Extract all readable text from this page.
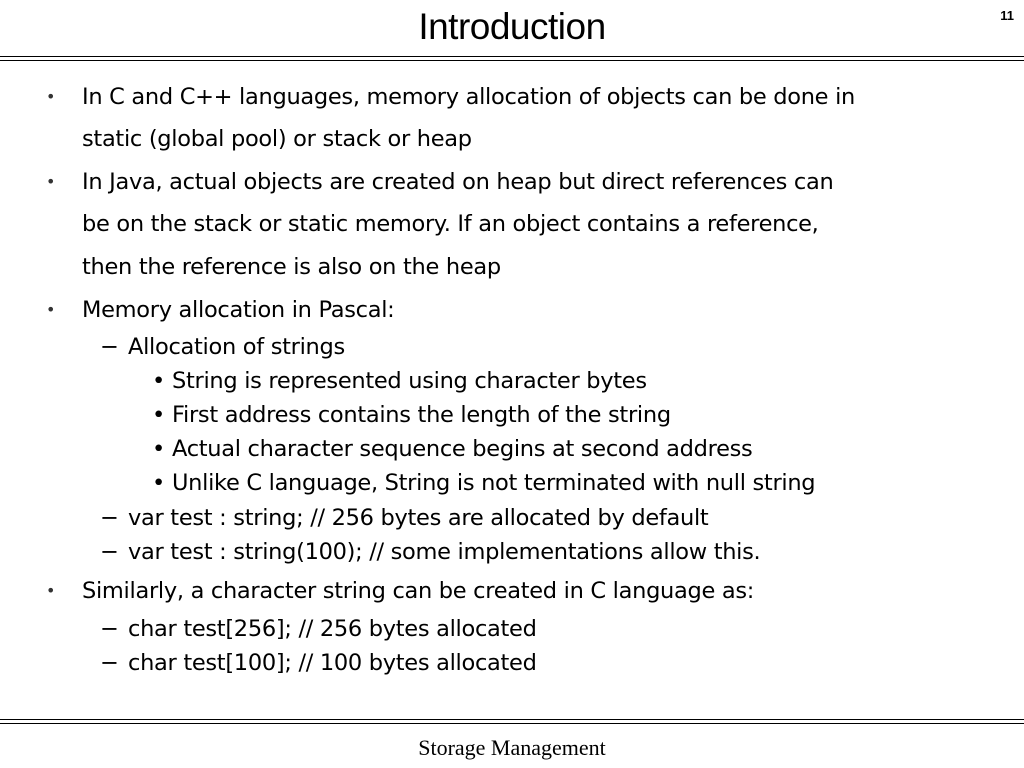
Introduction	11
• In C and C++ languages, memory allocation of objects can be done in
static (global pool) or stack or heap
• In Java, actual objects are created on heap but direct references can
be on the stack or static memory. If an object contains a reference,
then the reference is also on the heap
• Memory allocation in Pascal:
− Allocation of strings
• String is represented using character bytes
• First address contains the length of the string
• Actual character sequence begins at second address
• Unlike C language, String is not terminated with null string
− var test : string; // 256 bytes are allocated by default
− var test : string(100); // some implementations allow this.
• Similarly, a character string can be created in C language as:
− char test[256]; // 256 bytes allocated
− char test[100]; // 100 bytes allocated
Storage Management
